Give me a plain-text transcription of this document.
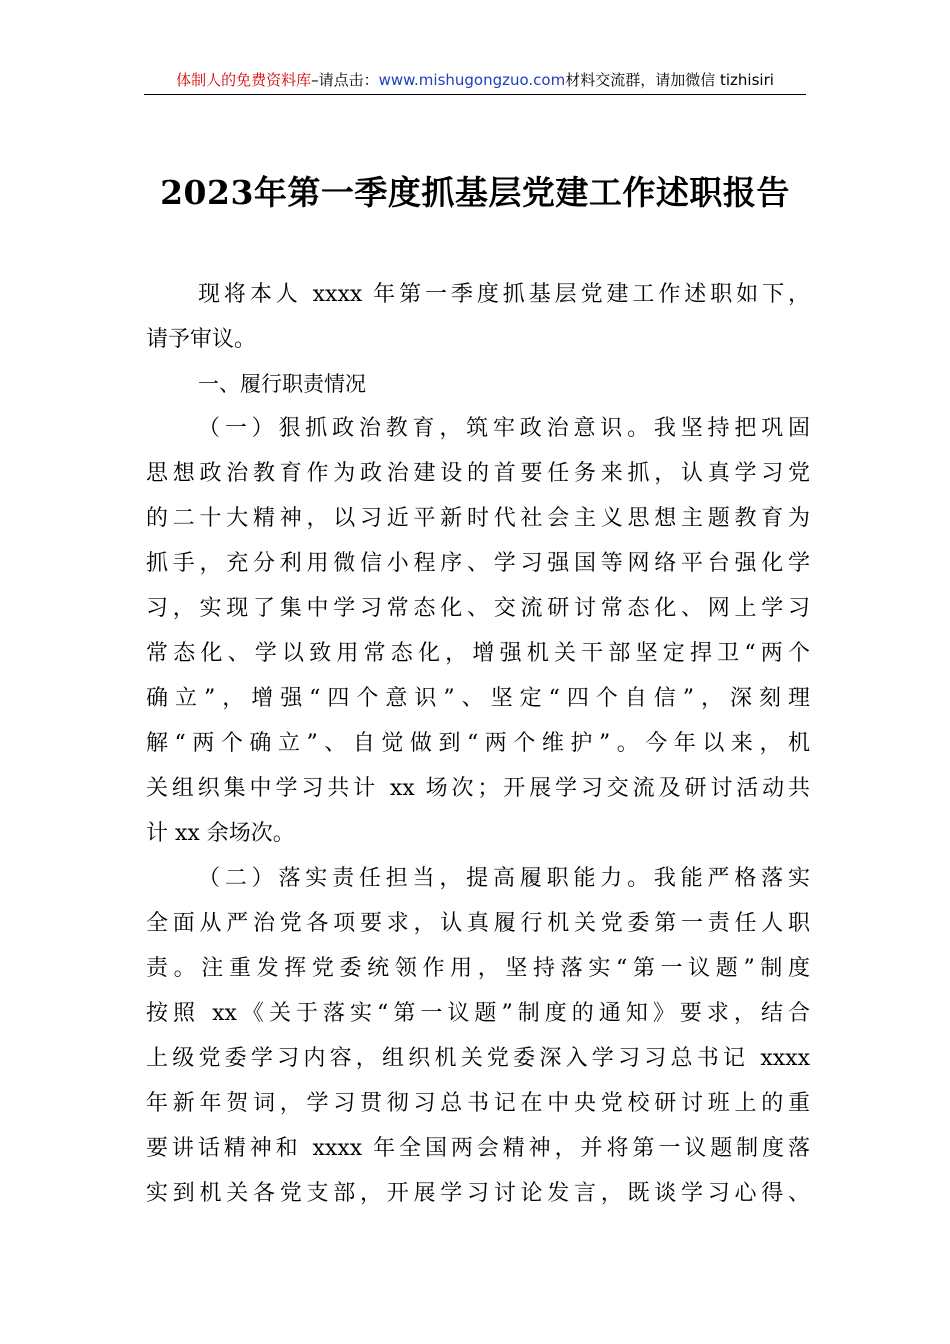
体制人的免费资料库–请点击：www.mishugongzuo.com材料交流群，请加微信 tizhisiri
2023年第一季度抓基层党建工作述职报告
现将本人 xxxx 年第一季度抓基层党建工作述职如下，
请予审议。
一、履行职责情况
（一）狠抓政治教育，筑牢政治意识。我坚持把巩固
思想政治教育作为政治建设的首要任务来抓，认真学习党
的二十大精神，以习近平新时代社会主义思想主题教育为
抓手，充分利用微信小程序、学习强国等网络平台强化学
习，实现了集中学习常态化、交流研讨常态化、网上学习
常态化、学以致用常态化，增强机关干部坚定捍卫“两个
确立”，增强“四个意识”、坚定“四个自信”，深刻理
解“两个确立”、自觉做到“两个维护”。今年以来，机
关组织集中学习共计 xx 场次；开展学习交流及研讨活动共
计 xx 余场次。
（二）落实责任担当，提高履职能力。我能严格落实
全面从严治党各项要求，认真履行机关党委第一责任人职
责。注重发挥党委统领作用，坚持落实“第一议题”制度
按照 xx《关于落实“第一议题”制度的通知》要求，结合
上级党委学习内容，组织机关党委深入学习习总书记 xxxx
年新年贺词，学习贯彻习总书记在中央党校研讨班上的重
要讲话精神和 xxxx 年全国两会精神，并将第一议题制度落
实到机关各党支部，开展学习讨论发言，既谈学习心得、
